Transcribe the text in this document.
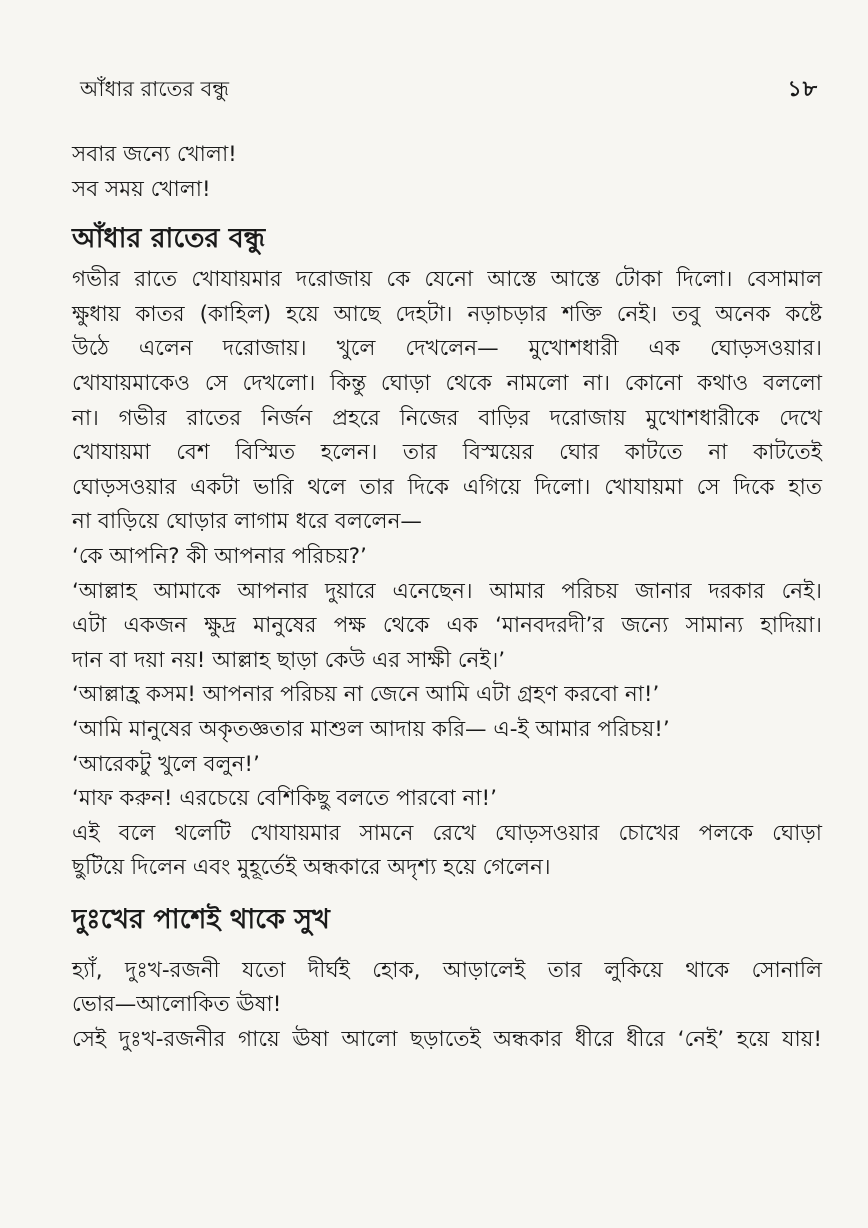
আঁধার রাতের বন্ধু	১৮
সবার জন্যে খোলা!
সব সময় খোলা!
আঁধার রাতের বন্ধু
গভীর রাতে খোযায়মার দরোজায় কে যেনো আস্তে আস্তে টোকা দিলো। বেসামাল
ক্ষুধায় কাতর (কাহিল) হয়ে আছে দেহটা। নড়াচড়ার শক্তি নেই। তবু অনেক কষ্টে
উঠে এলেন দরোজায়। খুলে দেখলেন— মুখোশধারী এক ঘোড়সওয়ার।
খোযায়মাকেও সে দেখলো। কিন্তু ঘোড়া থেকে নামলো না। কোনো কথাও বললো
না। গভীর রাতের নির্জন প্রহরে নিজের বাড়ির দরোজায় মুখোশধারীকে দেখে
খোযায়মা বেশ বিস্মিত হলেন। তার বিস্ময়ের ঘোর কাটতে না কাটতেই
ঘোড়সওয়ার একটা ভারি থলে তার দিকে এগিয়ে দিলো। খোযায়মা সে দিকে হাত
না বাড়িয়ে ঘোড়ার লাগাম ধরে বললেন—
‘কে আপনি? কী আপনার পরিচয়?’
‘আল্লাহ আমাকে আপনার দুয়ারে এনেছেন। আমার পরিচয় জানার দরকার নেই।
এটা একজন ক্ষুদ্র মানুষের পক্ষ থেকে এক ‘মানবদরদী’র জন্যে সামান্য হাদিয়া।
দান বা দয়া নয়! আল্লাহ ছাড়া কেউ এর সাক্ষী নেই।’
‘আল্লাহ্র কসম! আপনার পরিচয় না জেনে আমি এটা গ্রহণ করবো না!’
‘আমি মানুষের অকৃতজ্ঞতার মাশুল আদায় করি— এ-ই আমার পরিচয়!’
‘আরেকটু খুলে বলুন!’
‘মাফ করুন! এরচেয়ে বেশিকিছু বলতে পারবো না!’
এই বলে থলেটি খোযায়মার সামনে রেখে ঘোড়সওয়ার চোখের পলকে ঘোড়া
ছুটিয়ে দিলেন এবং মুহূর্তেই অন্ধকারে অদৃশ্য হয়ে গেলেন।
দুঃখের পাশেই থাকে সুখ
হ্যাঁ, দুঃখ-রজনী যতো দীর্ঘই হোক, আড়ালেই তার লুকিয়ে থাকে সোনালি
ভোর—আলোকিত ঊষা!
সেই দুঃখ-রজনীর গায়ে ঊষা আলো ছড়াতেই অন্ধকার ধীরে ধীরে ‘নেই’ হয়ে যায়!
